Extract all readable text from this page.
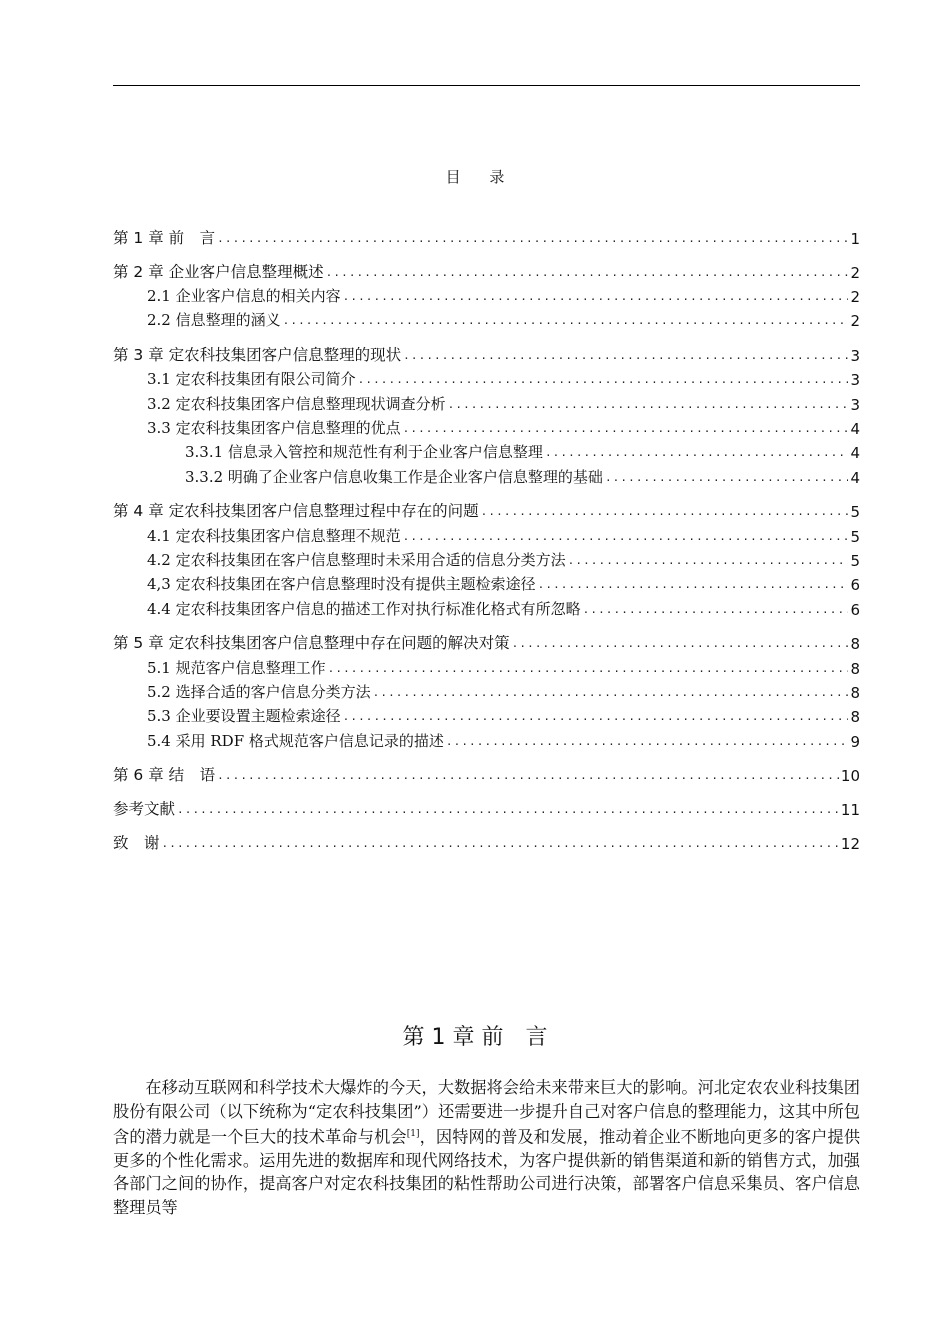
目 录
第 1 章 前　言 .....	1
第 2 章 企业客户信息整理概述 .....	2
2.1 企业客户信息的相关内容 .....	2
2.2 信息整理的涵义 .....	2
第 3 章 定农科技集团客户信息整理的现状 .....	3
3.1 定农科技集团有限公司简介 .....	3
3.2 定农科技集团客户信息整理现状调查分析 .....	3
3.3 定农科技集团客户信息整理的优点 .....	4
3.3.1 信息录入管控和规范性有利于企业客户信息整理 .....	4
3.3.2 明确了企业客户信息收集工作是企业客户信息整理的基础 .....	4
第 4 章 定农科技集团客户信息整理过程中存在的问题 .....	5
4.1 定农科技集团客户信息整理不规范 .....	5
4.2 定农科技集团在客户信息整理时未采用合适的信息分类方法 .....	5
4,3 定农科技集团在客户信息整理时没有提供主题检索途径 .....	6
4.4 定农科技集团客户信息的描述工作对执行标准化格式有所忽略 .....	6
第 5 章 定农科技集团客户信息整理中存在问题的解决对策 .....	8
5.1 规范客户信息整理工作 .....	8
5.2 选择合适的客户信息分类方法 .....	8
5.3 企业要设置主题检索途径 .....	8
5.4 采用 RDF 格式规范客户信息记录的描述 .....	9
第 6 章 结　语 .....	10
参考文献 .....	11
致　谢 .....	12
第 1 章 前　言
在移动互联网和科学技术大爆炸的今天，大数据将会给未来带来巨大的影响。河北定农农业科技集团股份有限公司（以下统称为“定农科技集团”）还需要进一步提升自己对客户信息的整理能力，这其中所包含的潜力就是一个巨大的技术革命与机会[1]，因特网的普及和发展，推动着企业不断地向更多的客户提供更多的个性化需求。运用先进的数据库和现代网络技术，为客户提供新的销售渠道和新的销售方式，加强各部门之间的协作，提高客户对定农科技集团的粘性帮助公司进行决策，部署客户信息采集员、客户信息整理员等
